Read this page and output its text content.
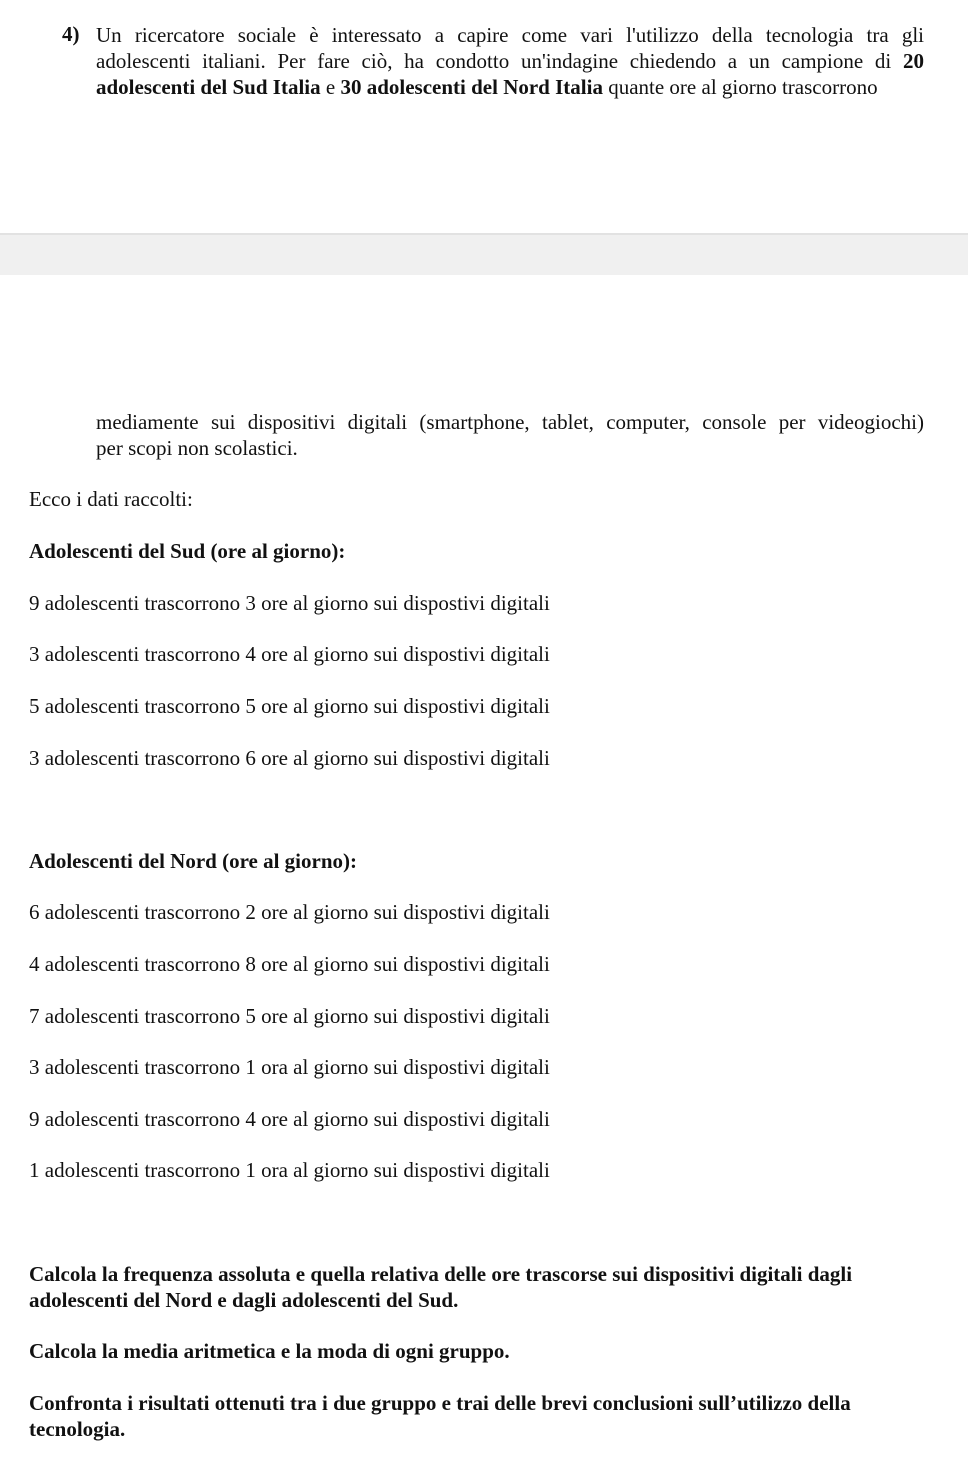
4) Un ricercatore sociale è interessato a capire come vari l'utilizzo della tecnologia tra gli
adolescenti italiani. Per fare ciò, ha condotto un'indagine chiedendo a un campione di 20
adolescenti del Sud Italia e 30 adolescenti del Nord Italia quante ore al giorno trascorrono
mediamente sui dispositivi digitali (smartphone, tablet, computer, console per videogiochi)
per scopi non scolastici.
Ecco i dati raccolti:
Adolescenti del Sud (ore al giorno):
9 adolescenti trascorrono 3 ore al giorno sui dispostivi digitali
3 adolescenti trascorrono 4 ore al giorno sui dispostivi digitali
5 adolescenti trascorrono 5 ore al giorno sui dispostivi digitali
3 adolescenti trascorrono 6 ore al giorno sui dispostivi digitali
Adolescenti del Nord (ore al giorno):
6 adolescenti trascorrono 2 ore al giorno sui dispostivi digitali
4 adolescenti trascorrono 8 ore al giorno sui dispostivi digitali
7 adolescenti trascorrono 5 ore al giorno sui dispostivi digitali
3 adolescenti trascorrono 1 ora al giorno sui dispostivi digitali
9 adolescenti trascorrono 4 ore al giorno sui dispostivi digitali
1 adolescenti trascorrono 1 ora al giorno sui dispostivi digitali
Calcola la frequenza assoluta e quella relativa delle ore trascorse sui dispositivi digitali dagli
adolescenti del Nord e dagli adolescenti del Sud.
Calcola la media aritmetica e la moda di ogni gruppo.
Confronta i risultati ottenuti tra i due gruppo e trai delle brevi conclusioni sull’utilizzo della
tecnologia.
